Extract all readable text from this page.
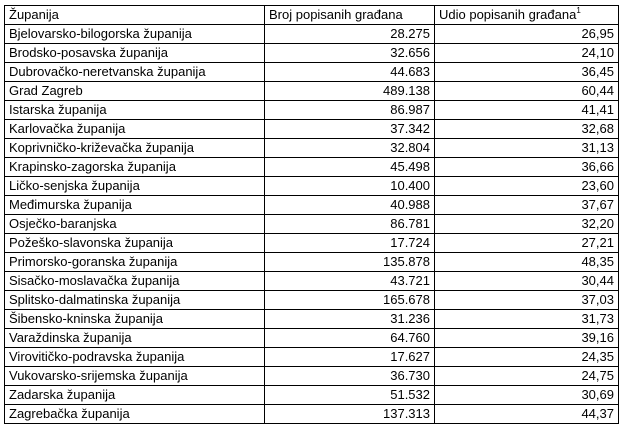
Županija	Broj popisanih građana	Udio popisanih građana$^1$
Bjelovarsko-bilogorska županija	28.275	26,95
Brodsko-posavska županija	32.656	24,10
Dubrovačko-neretvanska županija	44.683	36,45
Grad Zagreb	489.138	60,44
Istarska županija	86.987	41,41
Karlovačka županija	37.342	32,68
Koprivničko-križevačka županija	32.804	31,13
Krapinsko-zagorska županija	45.498	36,66
Ličko-senjska županija	10.400	23,60
Međimurska županija	40.988	37,67
Osječko-baranjska	86.781	32,20
Požeško-slavonska županija	17.724	27,21
Primorsko-goranska županija	135.878	48,35
Sisačko-moslavačka županija	43.721	30,44
Splitsko-dalmatinska županija	165.678	37,03
Šibensko-kninska županija	31.236	31,73
Varaždinska županija	64.760	39,16
Virovitičko-podravska županija	17.627	24,35
Vukovarsko-srijemska županija	36.730	24,75
Zadarska županija	51.532	30,69
Zagrebačka županija	137.313	44,37
